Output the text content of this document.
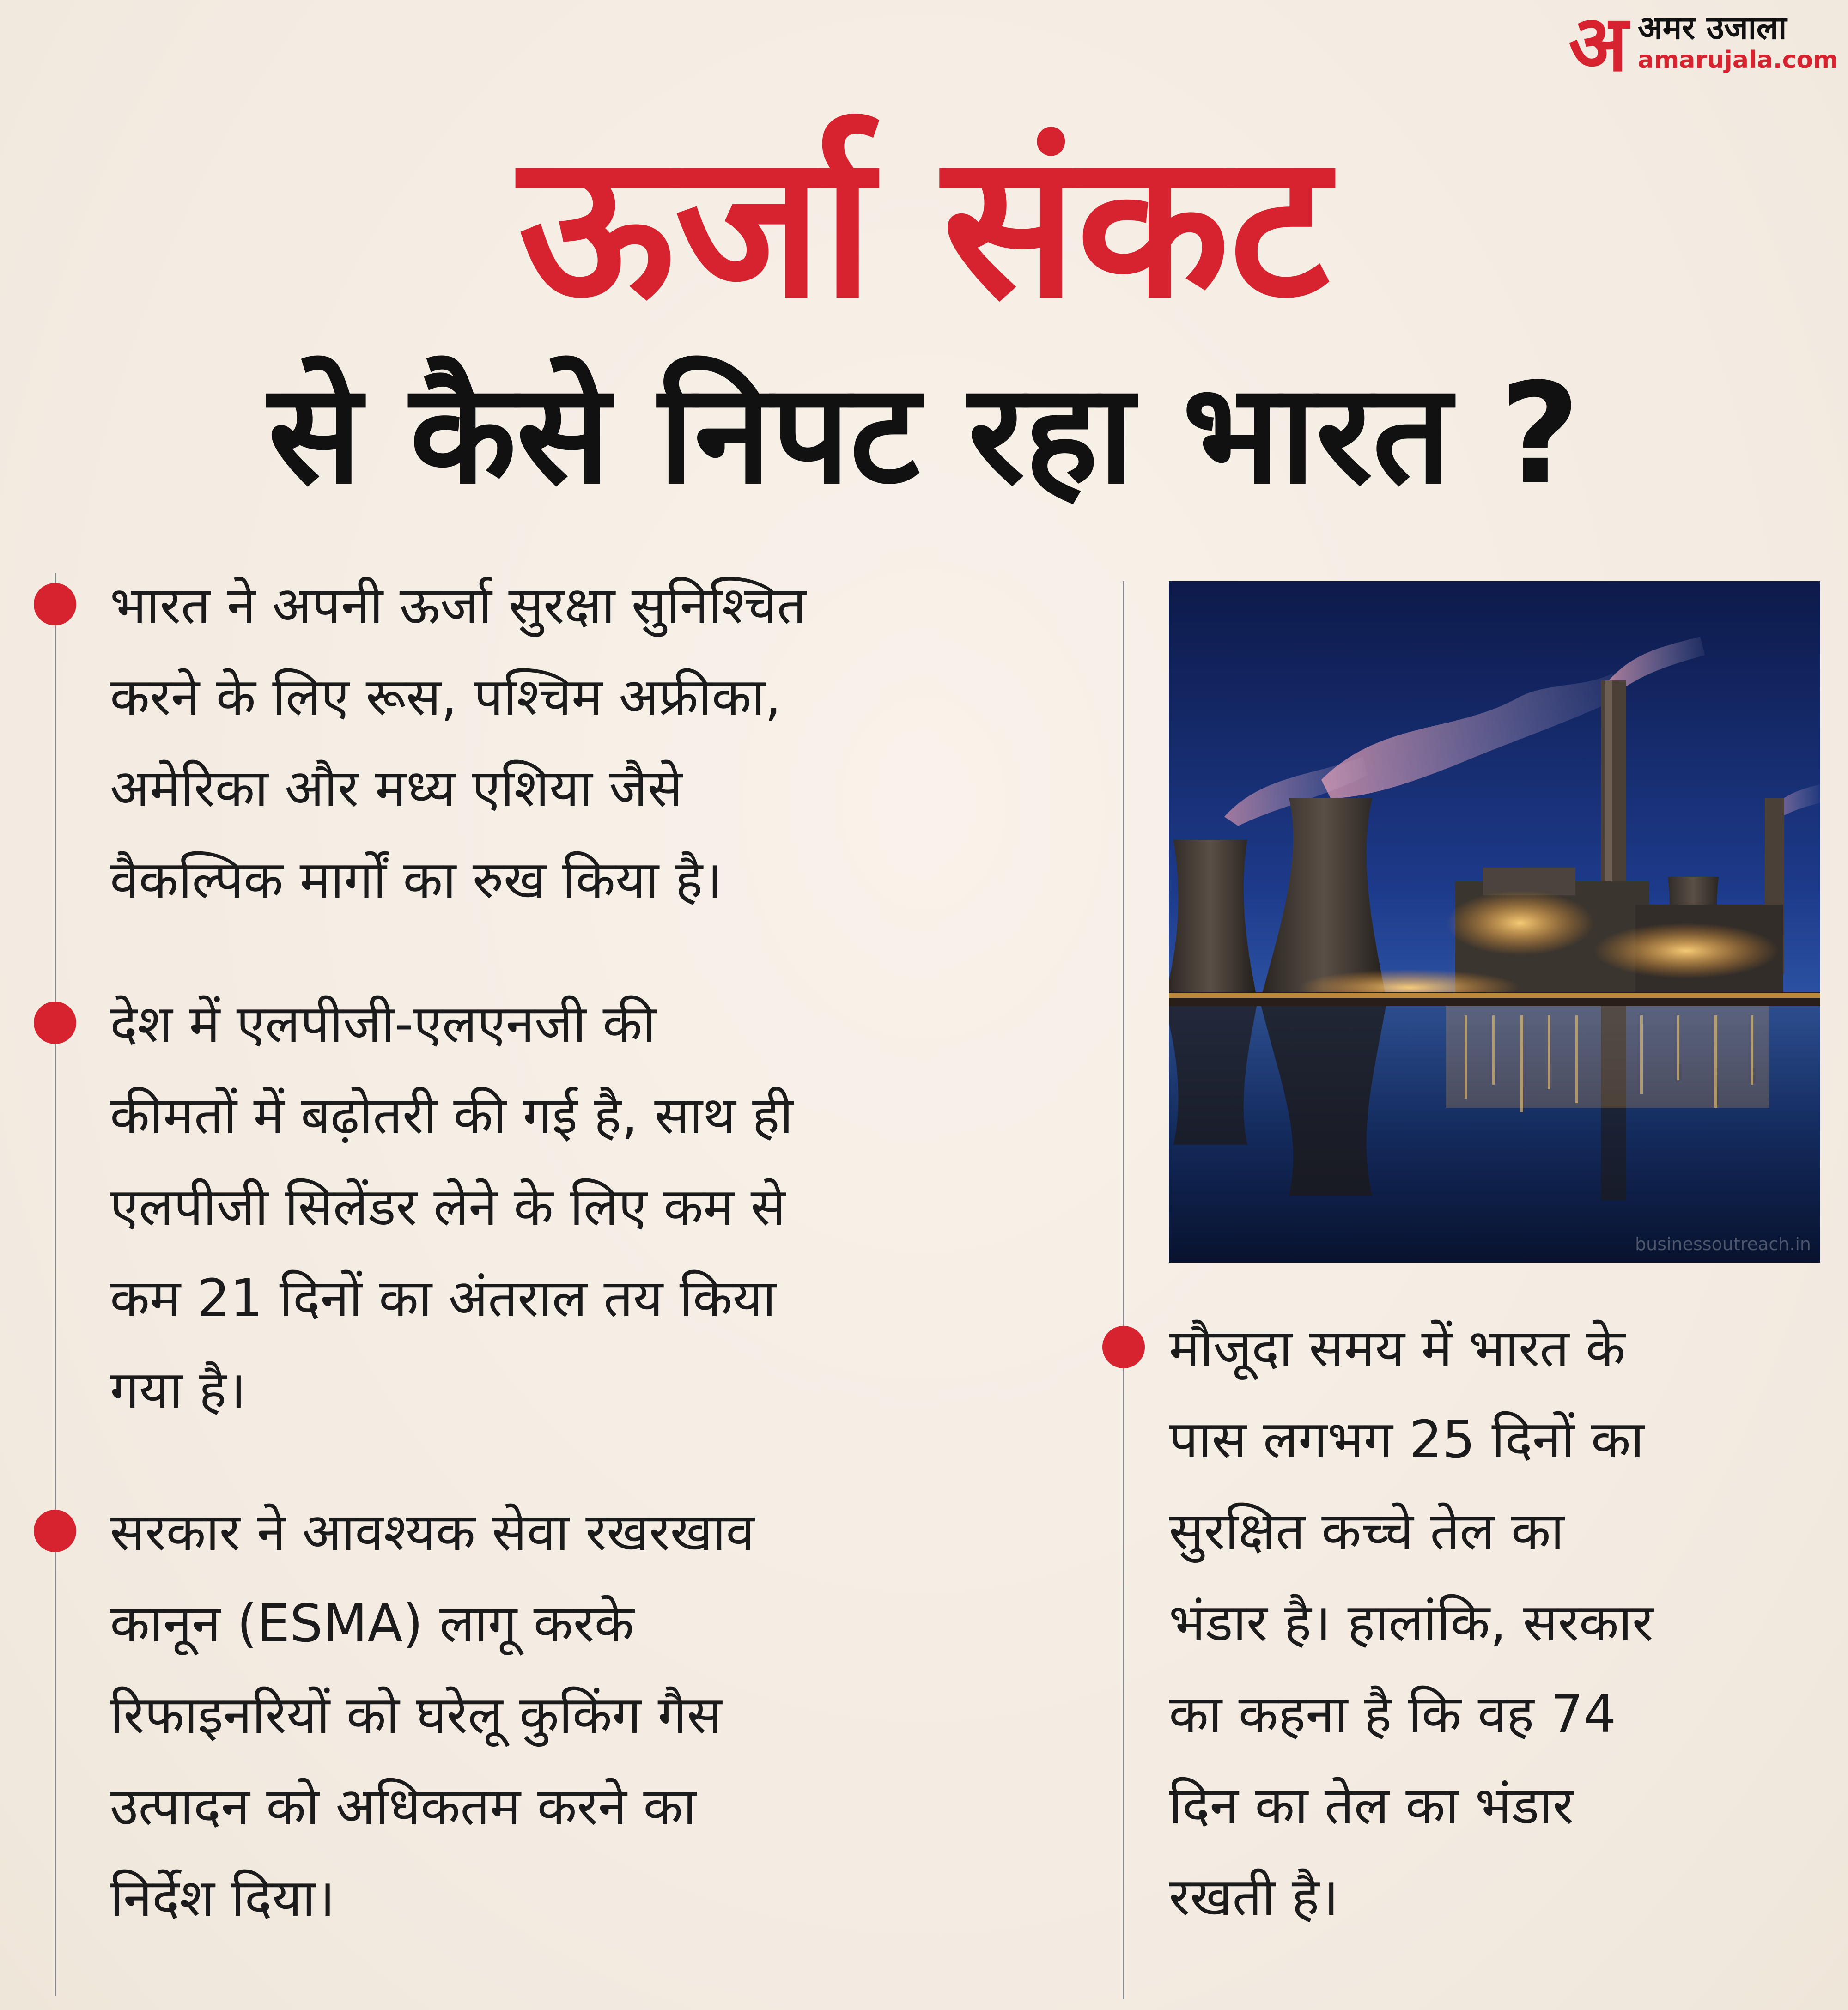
अ अमर उजाला
amarujala.com
ऊर्जा संकट
से कैसे निपट रहा भारत ?
भारत ने अपनी ऊर्जा सुरक्षा सुनिश्चित
करने के लिए रूस, पश्चिम अफ्रीका,
अमेरिका और मध्य एशिया जैसे
वैकल्पिक मार्गों का रुख किया है।
देश में एलपीजी-एलएनजी की
कीमतों में बढ़ोतरी की गई है, साथ ही
एलपीजी सिलेंडर लेने के लिए कम से
कम 21 दिनों का अंतराल तय किया
गया है।
सरकार ने आवश्यक सेवा रखरखाव
कानून (ESMA) लागू करके
रिफाइनरियों को घरेलू कुकिंग गैस
उत्पादन को अधिकतम करने का
निर्देश दिया।
businessoutreach.in
मौजूदा समय में भारत के
पास लगभग 25 दिनों का
सुरक्षित कच्चे तेल का
भंडार है। हालांकि, सरकार
का कहना है कि वह 74
दिन का तेल का भंडार
रखती है।
